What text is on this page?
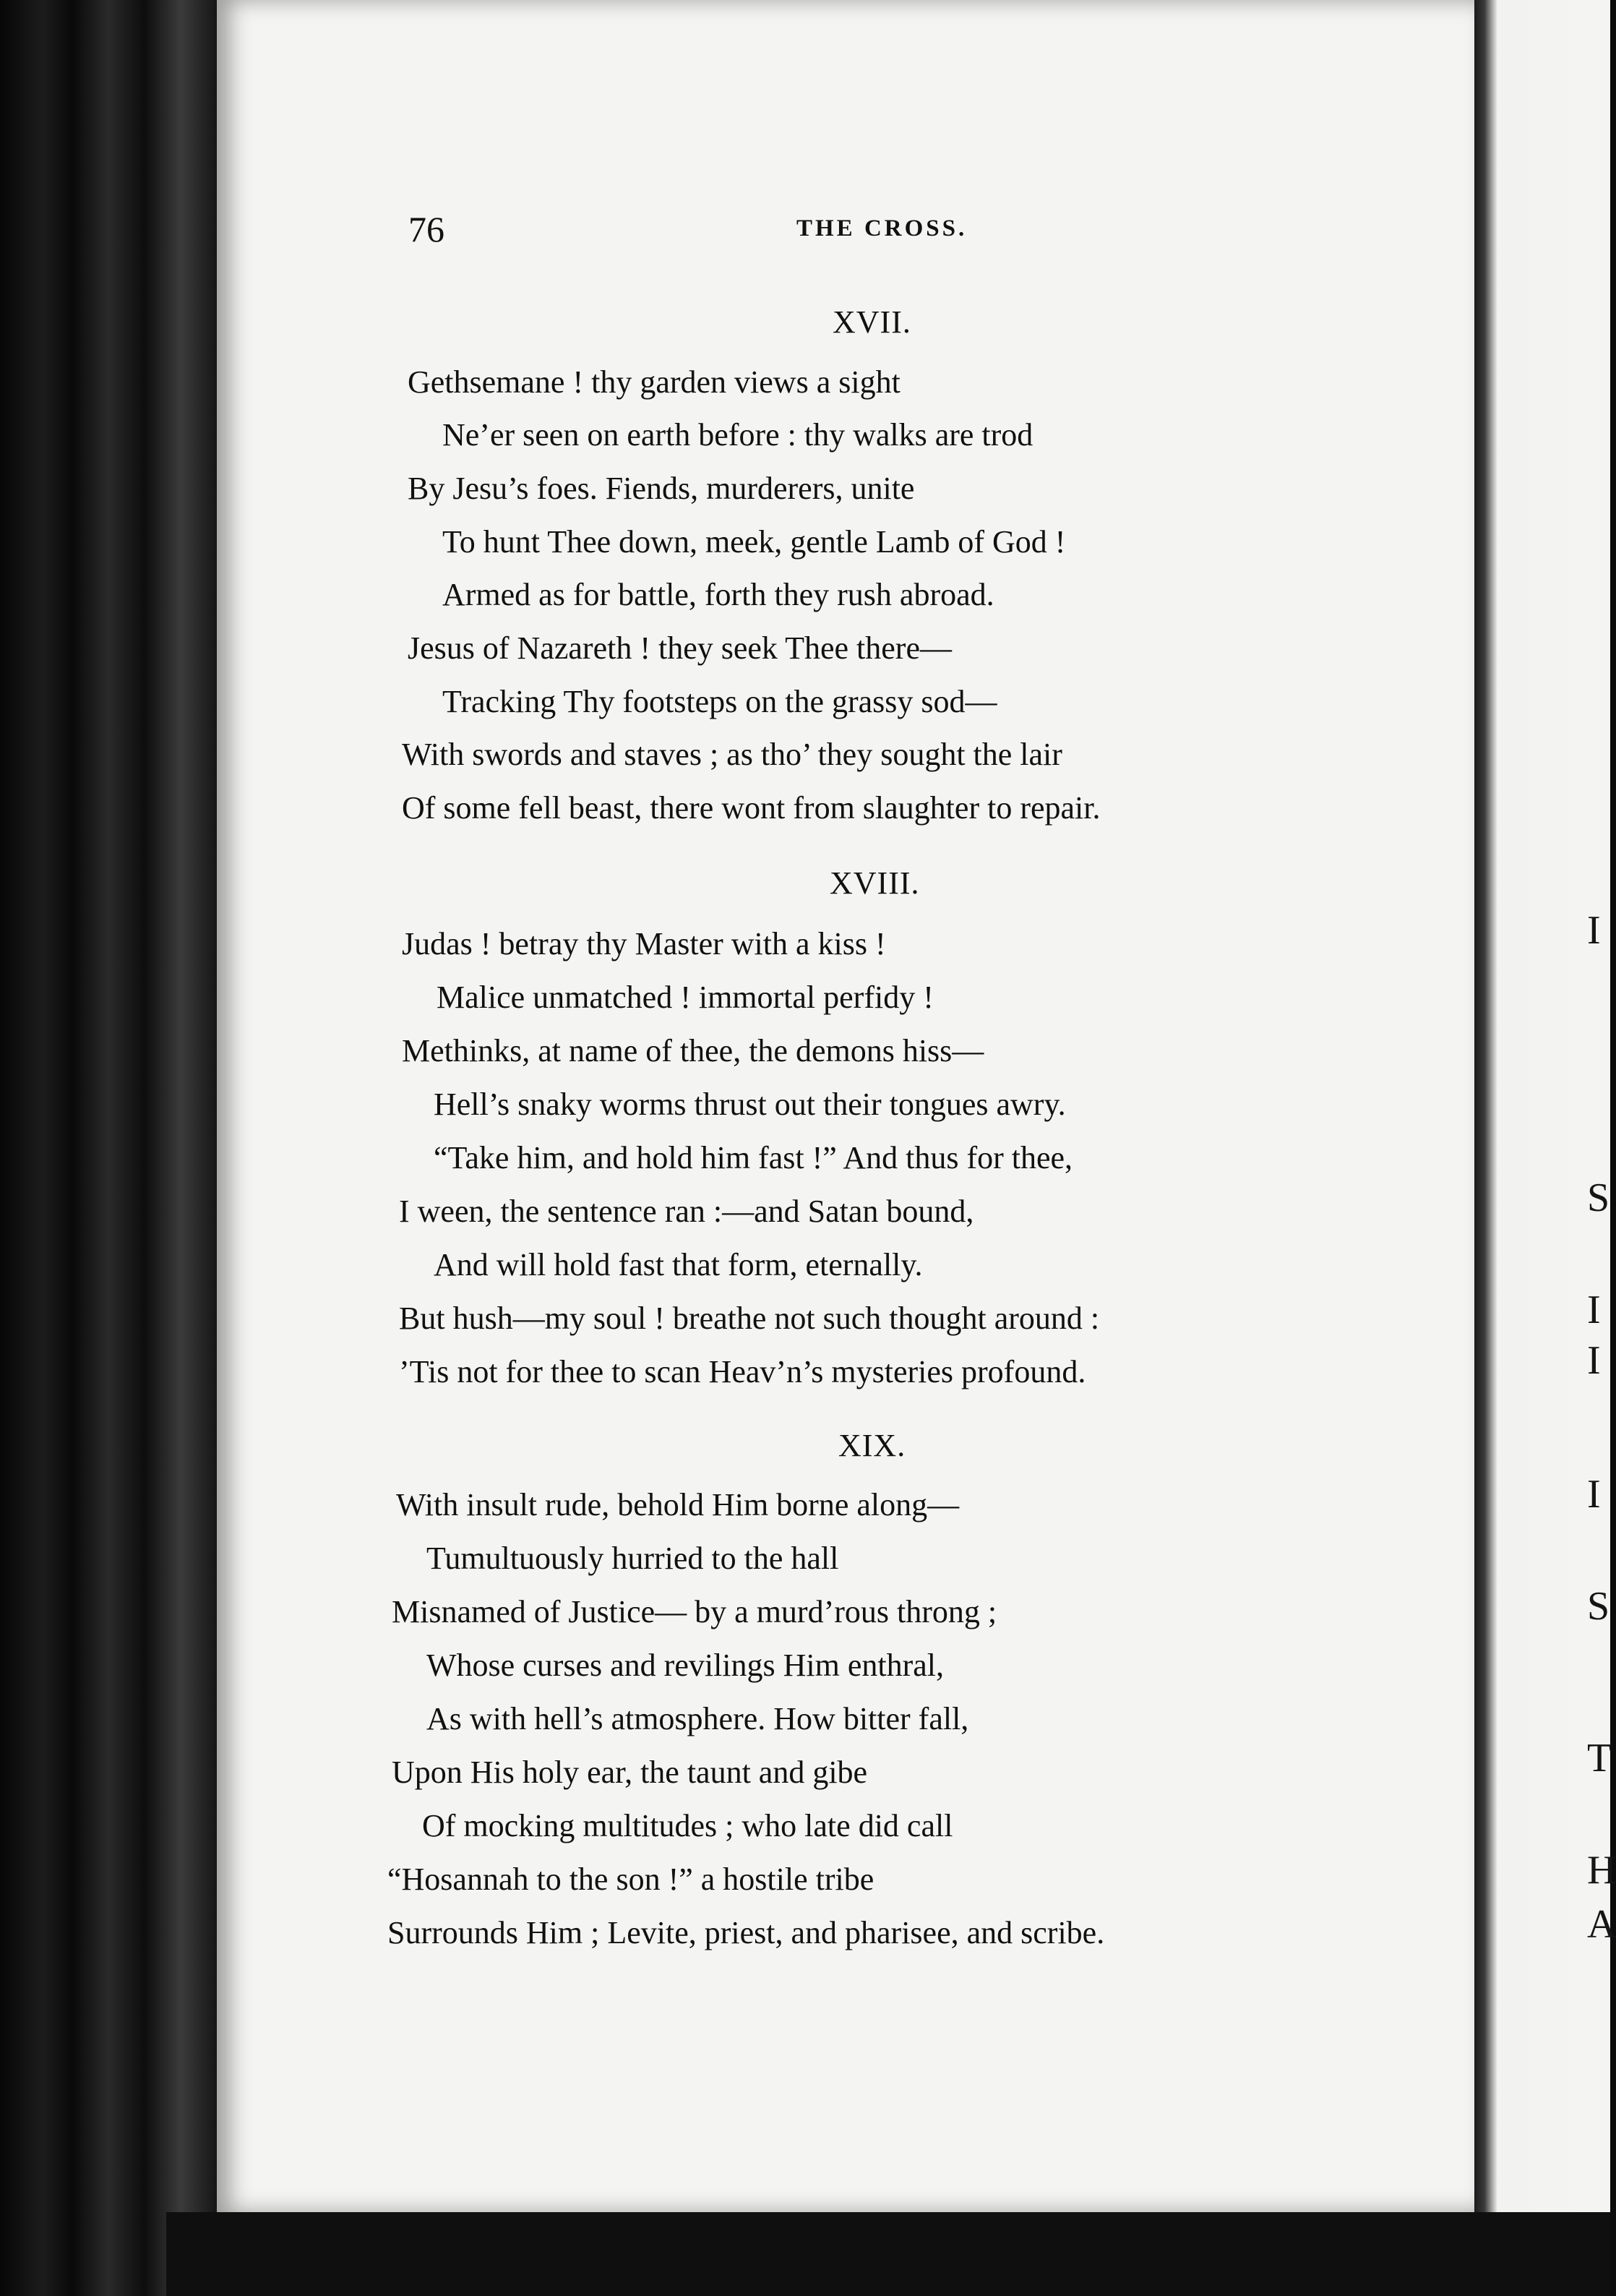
I
S
I
I
I
S
T
H
A
76	THE CROSS.
XVII.
Gethsemane ! thy garden views a sight
Ne’er seen on earth before : thy walks are trod
By Jesu’s foes. Fiends, murderers, unite
To hunt Thee down, meek, gentle Lamb of God !
Armed as for battle, forth they rush abroad.
Jesus of Nazareth ! they seek Thee there—
Tracking Thy footsteps on the grassy sod—
With swords and staves ; as tho’ they sought the lair
Of some fell beast, there wont from slaughter to repair.
XVIII.
Judas ! betray thy Master with a kiss !
Malice unmatched ! immortal perfidy !
Methinks, at name of thee, the demons hiss—
Hell’s snaky worms thrust out their tongues awry.
“Take him, and hold him fast !” And thus for thee,
I ween, the sentence ran :—and Satan bound,
And will hold fast that form, eternally.
But hush—my soul ! breathe not such thought around :
’Tis not for thee to scan Heav’n’s mysteries profound.
XIX.
With insult rude, behold Him borne along—
Tumultuously hurried to the hall
Misnamed of Justice— by a murd’rous throng ;
Whose curses and revilings Him enthral,
As with hell’s atmosphere. How bitter fall,
Upon His holy ear, the taunt and gibe
Of mocking multitudes ; who late did call
“Hosannah to the son !” a hostile tribe
Surrounds Him ; Levite, priest, and pharisee, and scribe.
